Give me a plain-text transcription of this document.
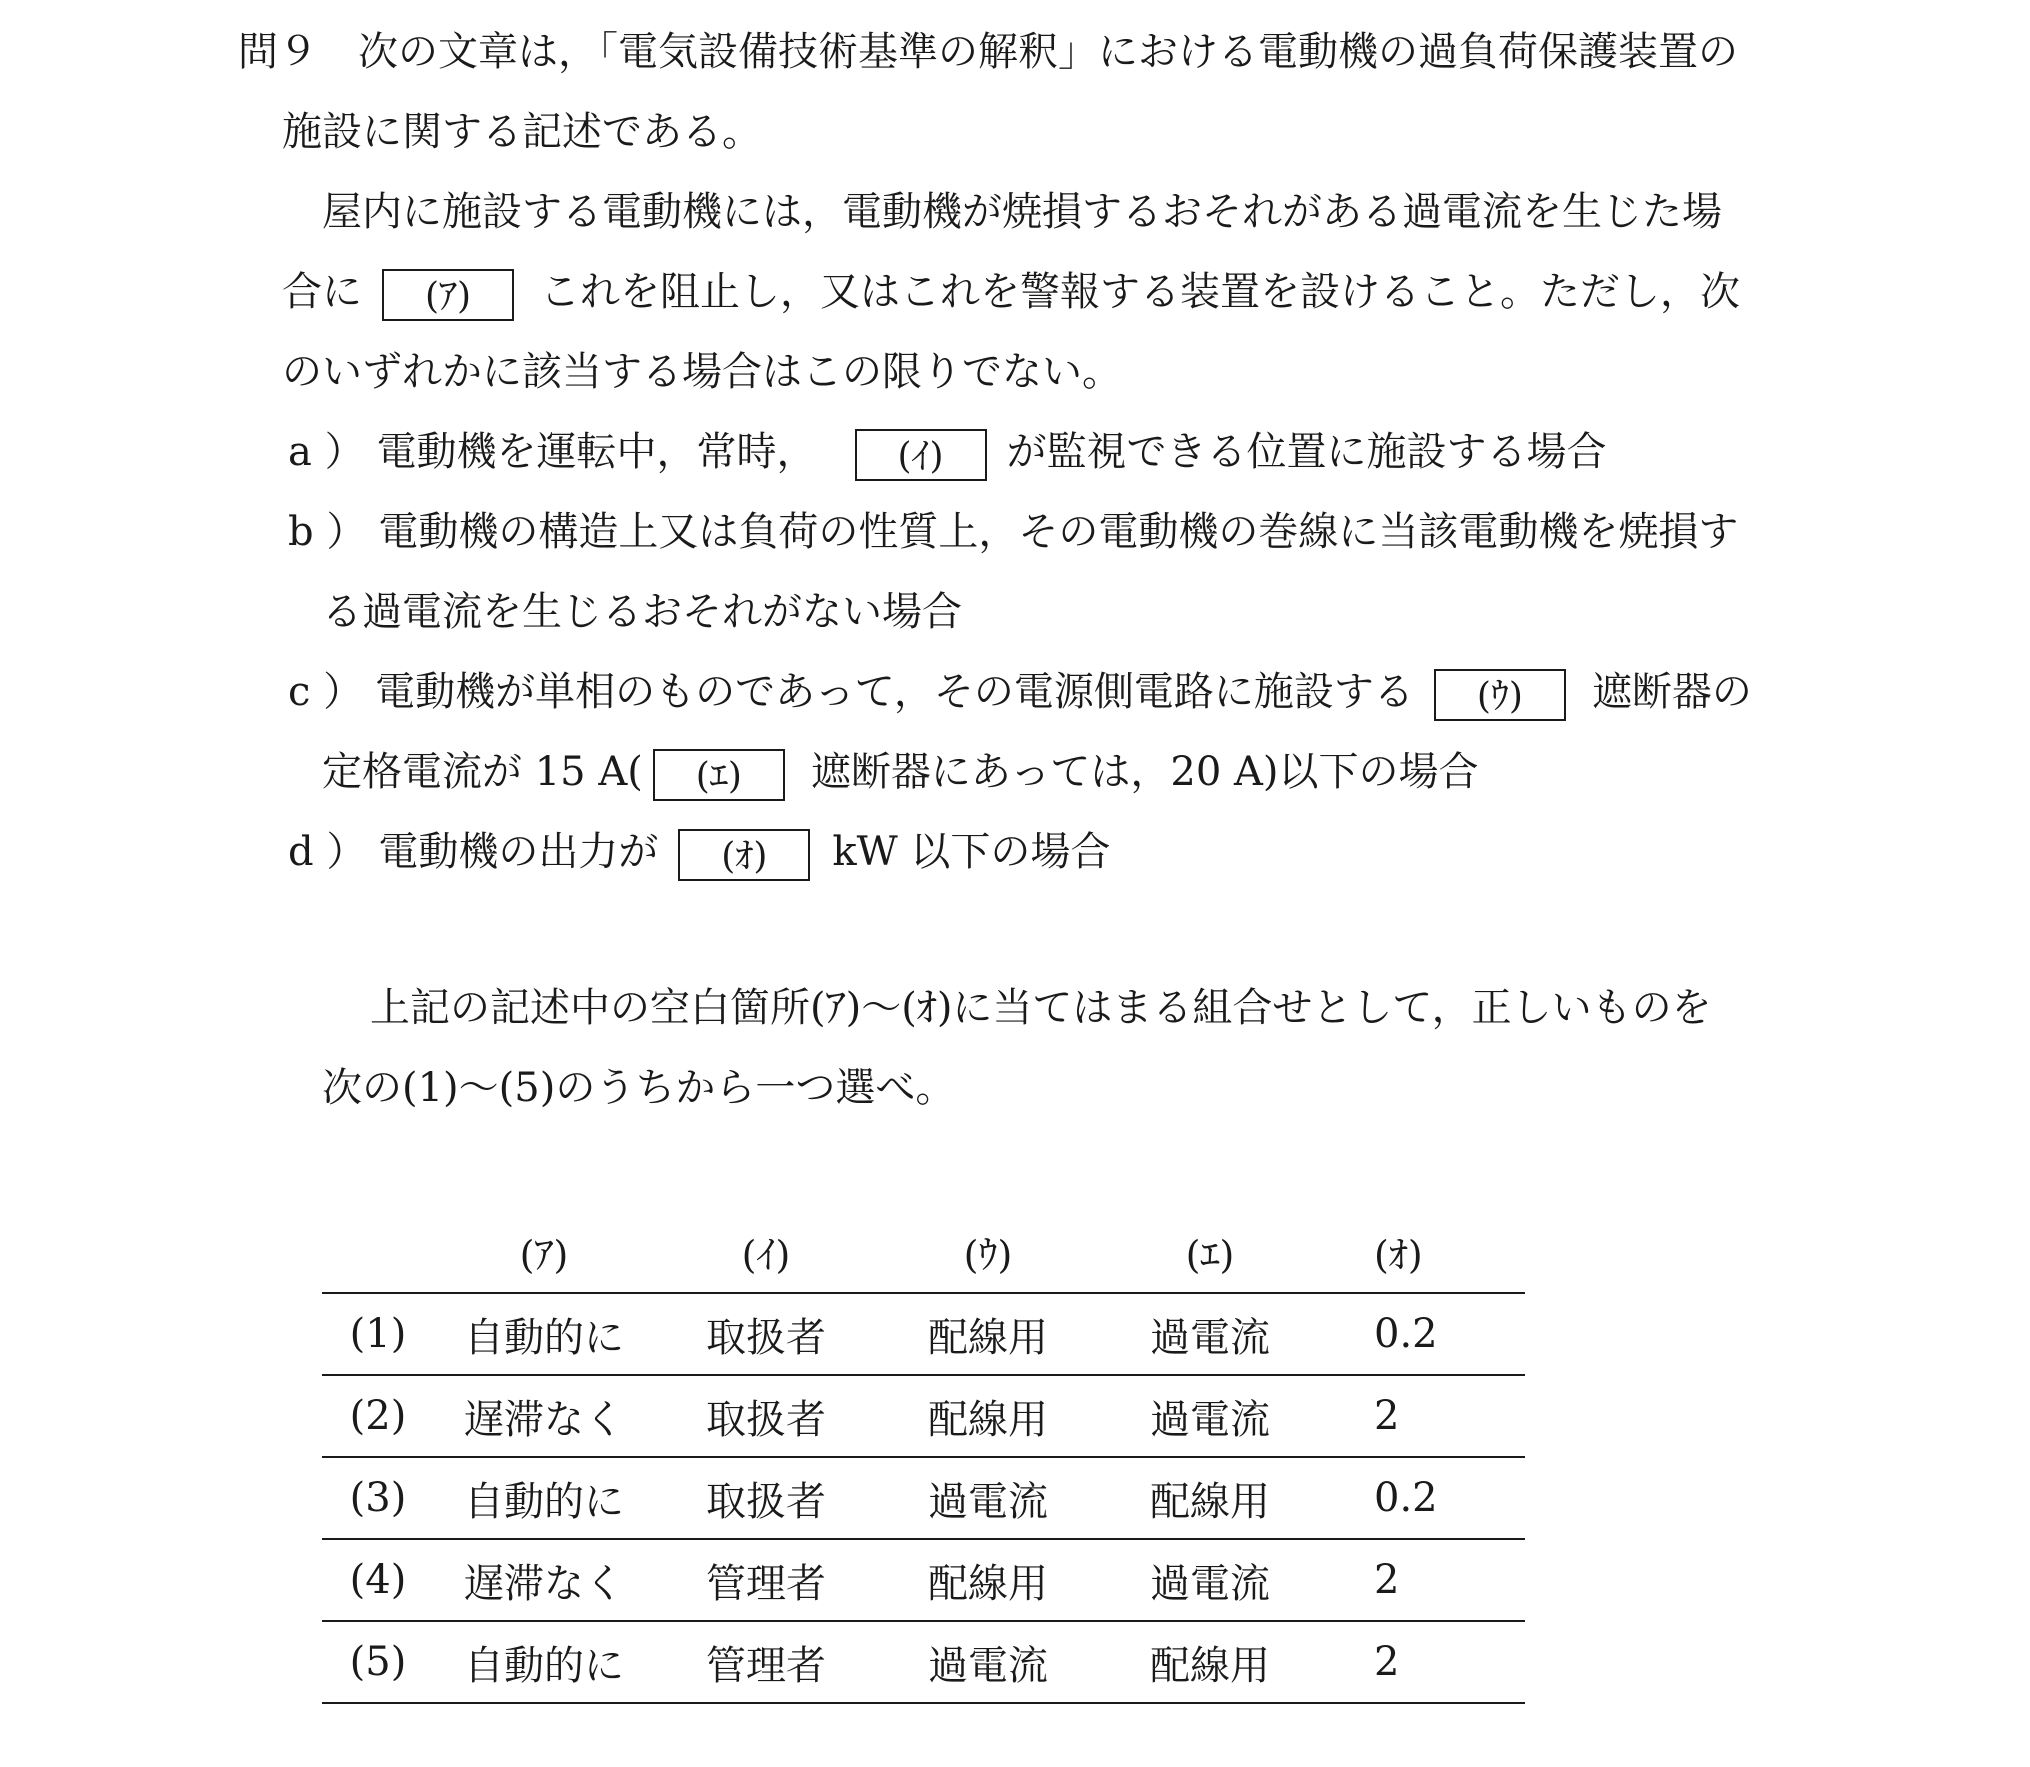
問９ 次の文章は，「電気設備技術基準の解釈」における電動機の過負荷保護装置の
施設に関する記述である。
屋内に施設する電動機には，電動機が焼損するおそれがある過電流を生じた場
合に (ｱ) これを阻止し，又はこれを警報する装置を設けること。ただし，次
のいずれかに該当する場合はこの限りでない。
a ） 電動機を運転中，常時， (ｲ) が監視できる位置に施設する場合
b ） 電動機の構造上又は負荷の性質上，その電動機の巻線に当該電動機を焼損す
る過電流を生じるおそれがない場合
c ） 電動機が単相のものであって，その電源側電路に施設する (ｳ) 遮断器の
定格電流が 15 A( (ｴ) 遮断器にあっては，20 A)以下の場合
d ） 電動機の出力が (ｵ) kW 以下の場合
上記の記述中の空白箇所(ｱ)～(ｵ)に当てはまる組合せとして，正しいものを
次の(1)～(5)のうちから一つ選べ。
	(ｱ)	(ｲ)	(ｳ)	(ｴ)	(ｵ)
(1)	自動的に	取扱者	配線用	過電流	0.2
(2)	遅滞なく	取扱者	配線用	過電流	2
(3)	自動的に	取扱者	過電流	配線用	0.2
(4)	遅滞なく	管理者	配線用	過電流	2
(5)	自動的に	管理者	過電流	配線用	2
